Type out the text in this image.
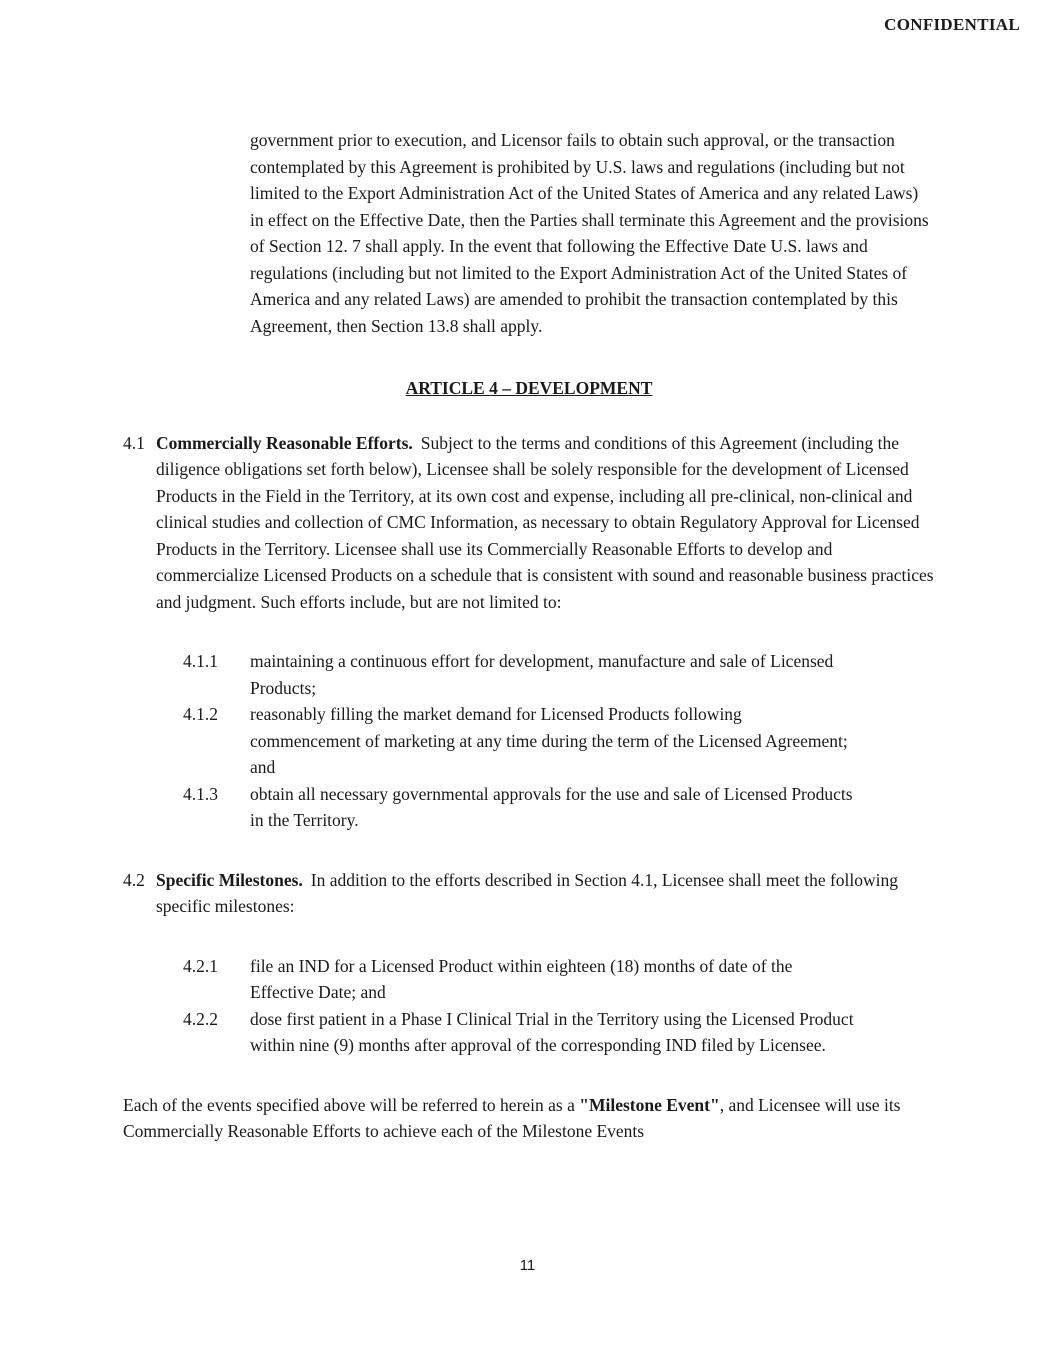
CONFIDENTIAL

government prior to execution, and Licensor fails to obtain such approval, or the transaction contemplated by this Agreement is prohibited by U.S. laws and regulations (including but not limited to the Export Administration Act of the United States of America and any related Laws) in effect on the Effective Date, then the Parties shall terminate this Agreement and the provisions of Section 12. 7 shall apply. In the event that following the Effective Date U.S. laws and regulations (including but not limited to the Export Administration Act of the United States of America and any related Laws) are amended to prohibit the transaction contemplated by this Agreement, then Section 13.8 shall apply.

ARTICLE 4 – DEVELOPMENT

4.1 Commercially Reasonable Efforts. Subject to the terms and conditions of this Agreement (including the diligence obligations set forth below), Licensee shall be solely responsible for the development of Licensed Products in the Field in the Territory, at its own cost and expense, including all pre-clinical, non-clinical and clinical studies and collection of CMC Information, as necessary to obtain Regulatory Approval for Licensed Products in the Territory. Licensee shall use its Commercially Reasonable Efforts to develop and commercialize Licensed Products on a schedule that is consistent with sound and reasonable business practices and judgment. Such efforts include, but are not limited to:

4.1.1	maintaining a continuous effort for development, manufacture and sale of Licensed Products;
4.1.2	reasonably filling the market demand for Licensed Products following commencement of marketing at any time during the term of the Licensed Agreement; and
4.1.3	obtain all necessary governmental approvals for the use and sale of Licensed Products in the Territory.

4.2 Specific Milestones. In addition to the efforts described in Section 4.1, Licensee shall meet the following specific milestones:

4.2.1	file an IND for a Licensed Product within eighteen (18) months of date of the Effective Date; and
4.2.2	dose first patient in a Phase I Clinical Trial in the Territory using the Licensed Product within nine (9) months after approval of the corresponding IND filed by Licensee.

Each of the events specified above will be referred to herein as a "Milestone Event", and Licensee will use its Commercially Reasonable Efforts to achieve each of the Milestone Events

11
